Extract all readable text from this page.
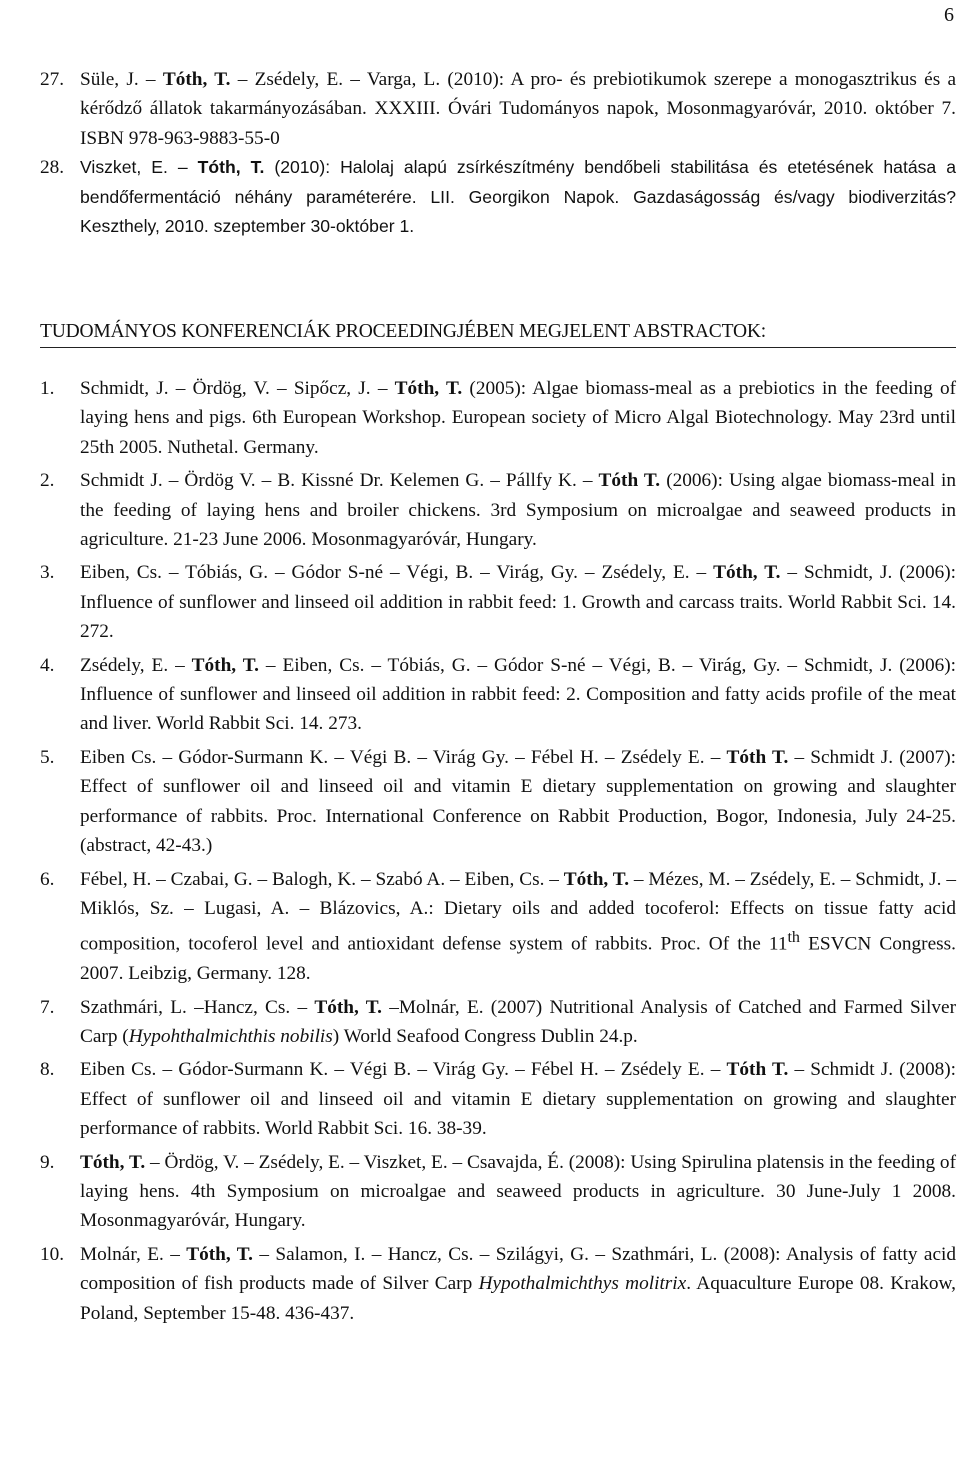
6

27. Süle, J. – Tóth, T. – Zsédely, E. – Varga, L. (2010): A pro- és prebiotikumok szerepe a monogasztrikus és a kérődző állatok takarmányozásában. XXXIII. Óvári Tudományos napok, Mosonmagyaróvár, 2010. október 7. ISBN 978-963-9883-55-0

28. Viszket, E. – Tóth, T. (2010): Halolaj alapú zsírkészítmény bendőbeli stabilitása és etetésének hatása a bendőfermentáció néhány paraméterére. LII. Georgikon Napok. Gazdaságosság és/vagy biodiverzitás? Keszthely, 2010. szeptember 30-október 1.

TUDOMÁNYOS KONFERENCIÁK PROCEEDINGJÉBEN MEGJELENT ABSTRACTOK:

1.	Schmidt, J. – Ördög, V. – Sipőcz, J. – Tóth, T. (2005): Algae biomass-meal as a prebiotics in the feeding of laying hens and pigs. 6th European Workshop. European society of Micro Algal Biotechnology. May 23rd until 25th 2005. Nuthetal. Germany.

2.	Schmidt J. – Ördög V. – B. Kissné Dr. Kelemen G. – Pállfy K. – Tóth T. (2006): Using algae biomass-meal in the feeding of laying hens and broiler chickens. 3rd Symposium on microalgae and seaweed products in agriculture. 21-23 June 2006. Mosonmagyaróvár, Hungary.

3.	Eiben, Cs. – Tóbiás, G. – Gódor S-né – Végi, B. – Virág, Gy. – Zsédely, E. – Tóth, T. – Schmidt, J. (2006): Influence of sunflower and linseed oil addition in rabbit feed: 1. Growth and carcass traits. World Rabbit Sci. 14. 272.

4.	Zsédely, E. – Tóth, T. – Eiben, Cs. – Tóbiás, G. – Gódor S-né – Végi, B. – Virág, Gy. – Schmidt, J. (2006): Influence of sunflower and linseed oil addition in rabbit feed: 2. Composition and fatty acids profile of the meat and liver. World Rabbit Sci. 14. 273.

5.	Eiben Cs. – Gódor-Surmann K. – Végi B. – Virág Gy. – Fébel H. – Zsédely E. – Tóth T. – Schmidt J. (2007): Effect of sunflower oil and linseed oil and vitamin E dietary supplementation on growing and slaughter performance of rabbits. Proc. International Conference on Rabbit Production, Bogor, Indonesia, July 24-25. (abstract, 42-43.)

6.	Fébel, H. – Czabai, G. – Balogh, K. – Szabó A. – Eiben, Cs. – Tóth, T. – Mézes, M. – Zsédely, E. – Schmidt, J. – Miklós, Sz. – Lugasi, A. – Blázovics, A.: Dietary oils and added tocoferol: Effects on tissue fatty acid composition, tocoferol level and antioxidant defense system of rabbits. Proc. Of the 11th ESVCN Congress. 2007. Leibzig, Germany. 128.

7.	Szathmári, L. –Hancz, Cs. – Tóth, T. –Molnár, E. (2007) Nutritional Analysis of Catched and Farmed Silver Carp (Hypohthalmichthis nobilis) World Seafood Congress Dublin 24.p.

8.	Eiben Cs. – Gódor-Surmann K. – Végi B. – Virág Gy. – Fébel H. – Zsédely E. – Tóth T. – Schmidt J. (2008): Effect of sunflower oil and linseed oil and vitamin E dietary supplementation on growing and slaughter performance of rabbits. World Rabbit Sci. 16. 38-39.

9.	Tóth, T. – Ördög, V. – Zsédely, E. – Viszket, E. – Csavajda, É. (2008): Using Spirulina platensis in the feeding of laying hens. 4th Symposium on microalgae and seaweed products in agriculture. 30 June-July 1 2008. Mosonmagyaróvár, Hungary.

10. Molnár, E. – Tóth, T. – Salamon, I. – Hancz, Cs. – Szilágyi, G. – Szathmári, L. (2008): Analysis of fatty acid composition of fish products made of Silver Carp Hypothalmichthys molitrix. Aquaculture Europe 08. Krakow, Poland, September 15-48. 436-437.
